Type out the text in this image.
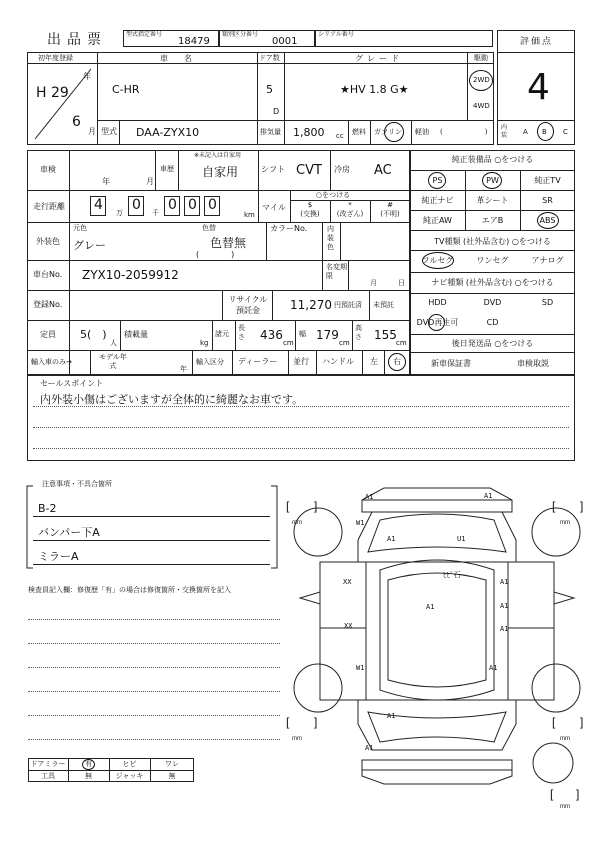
出品票	型式指定番号
18479
類別区分番号
0001
シリアル番号
評価点
4
初年度登録
H 29
年
6
月
車　名
C-HR
ドア数
5
D
グレード
★HV 1.8 G★
駆動
2WD
4WD
型式 DAA-ZYX10	排気量 1,800 cc 燃料 ガソリン 軽油 (　　　　　　)
内装 A B C
車検
年	月
車歴
※未記入は自家用
自家用	シフト CVT 冷房 AC
走行距離 4 万 0 千 0 0 0
km
マイル
○をつける
$
(交換)
*
(改ざん)
#
(不明)
外装色
元色
グレー
色替
色替無
(　　　　)
カラーNo.	内装色
車台No. ZYX10-2059912
名変期限
月	日
登録No.
リサイクル預託金	11,270 円預託済 未預託
定員 5(　)
人
積載量
kg
諸元
長さ 436
cm
幅 179
cm
高さ 155
cm
輸入車のみ→
モデル年式	年
輸入区分 ディーラー 並行 ハンドル 左 右
純正装備品 ○をつける
PS	PW	純正TV
純正ナビ	革シート	SR
純正AW	エアB	ABS
TV種類 (社外品含む) ○をつける
フルセグ	ワンセグ	アナログ
ナビ種類 (社外品含む) ○をつける
HDD	DVD	SD
DVD再生可	CD
後日発送品 ○をつける
新車保証書	車検取説
セールスポイント
内外装小傷はございますが全体的に綺麗なお車です。
注意事項・不具合箇所
B-2
バンパー下A
ミラーA
検査員記入欄：修復歴「有」の場合は修復箇所・交換箇所を記入
ドアミラー	有	ヒビ	ワレ
工具	無	ジャッキ	無
[ ]	[ ]
[ ]	[ ]
[ ]
mm	mm
mm	mm
mm
A1	A1
W1
A1	U1
ﾋﾋﾞ石
XX	A1
A1
XX
A1
W1
A1
A1
A1
A1
